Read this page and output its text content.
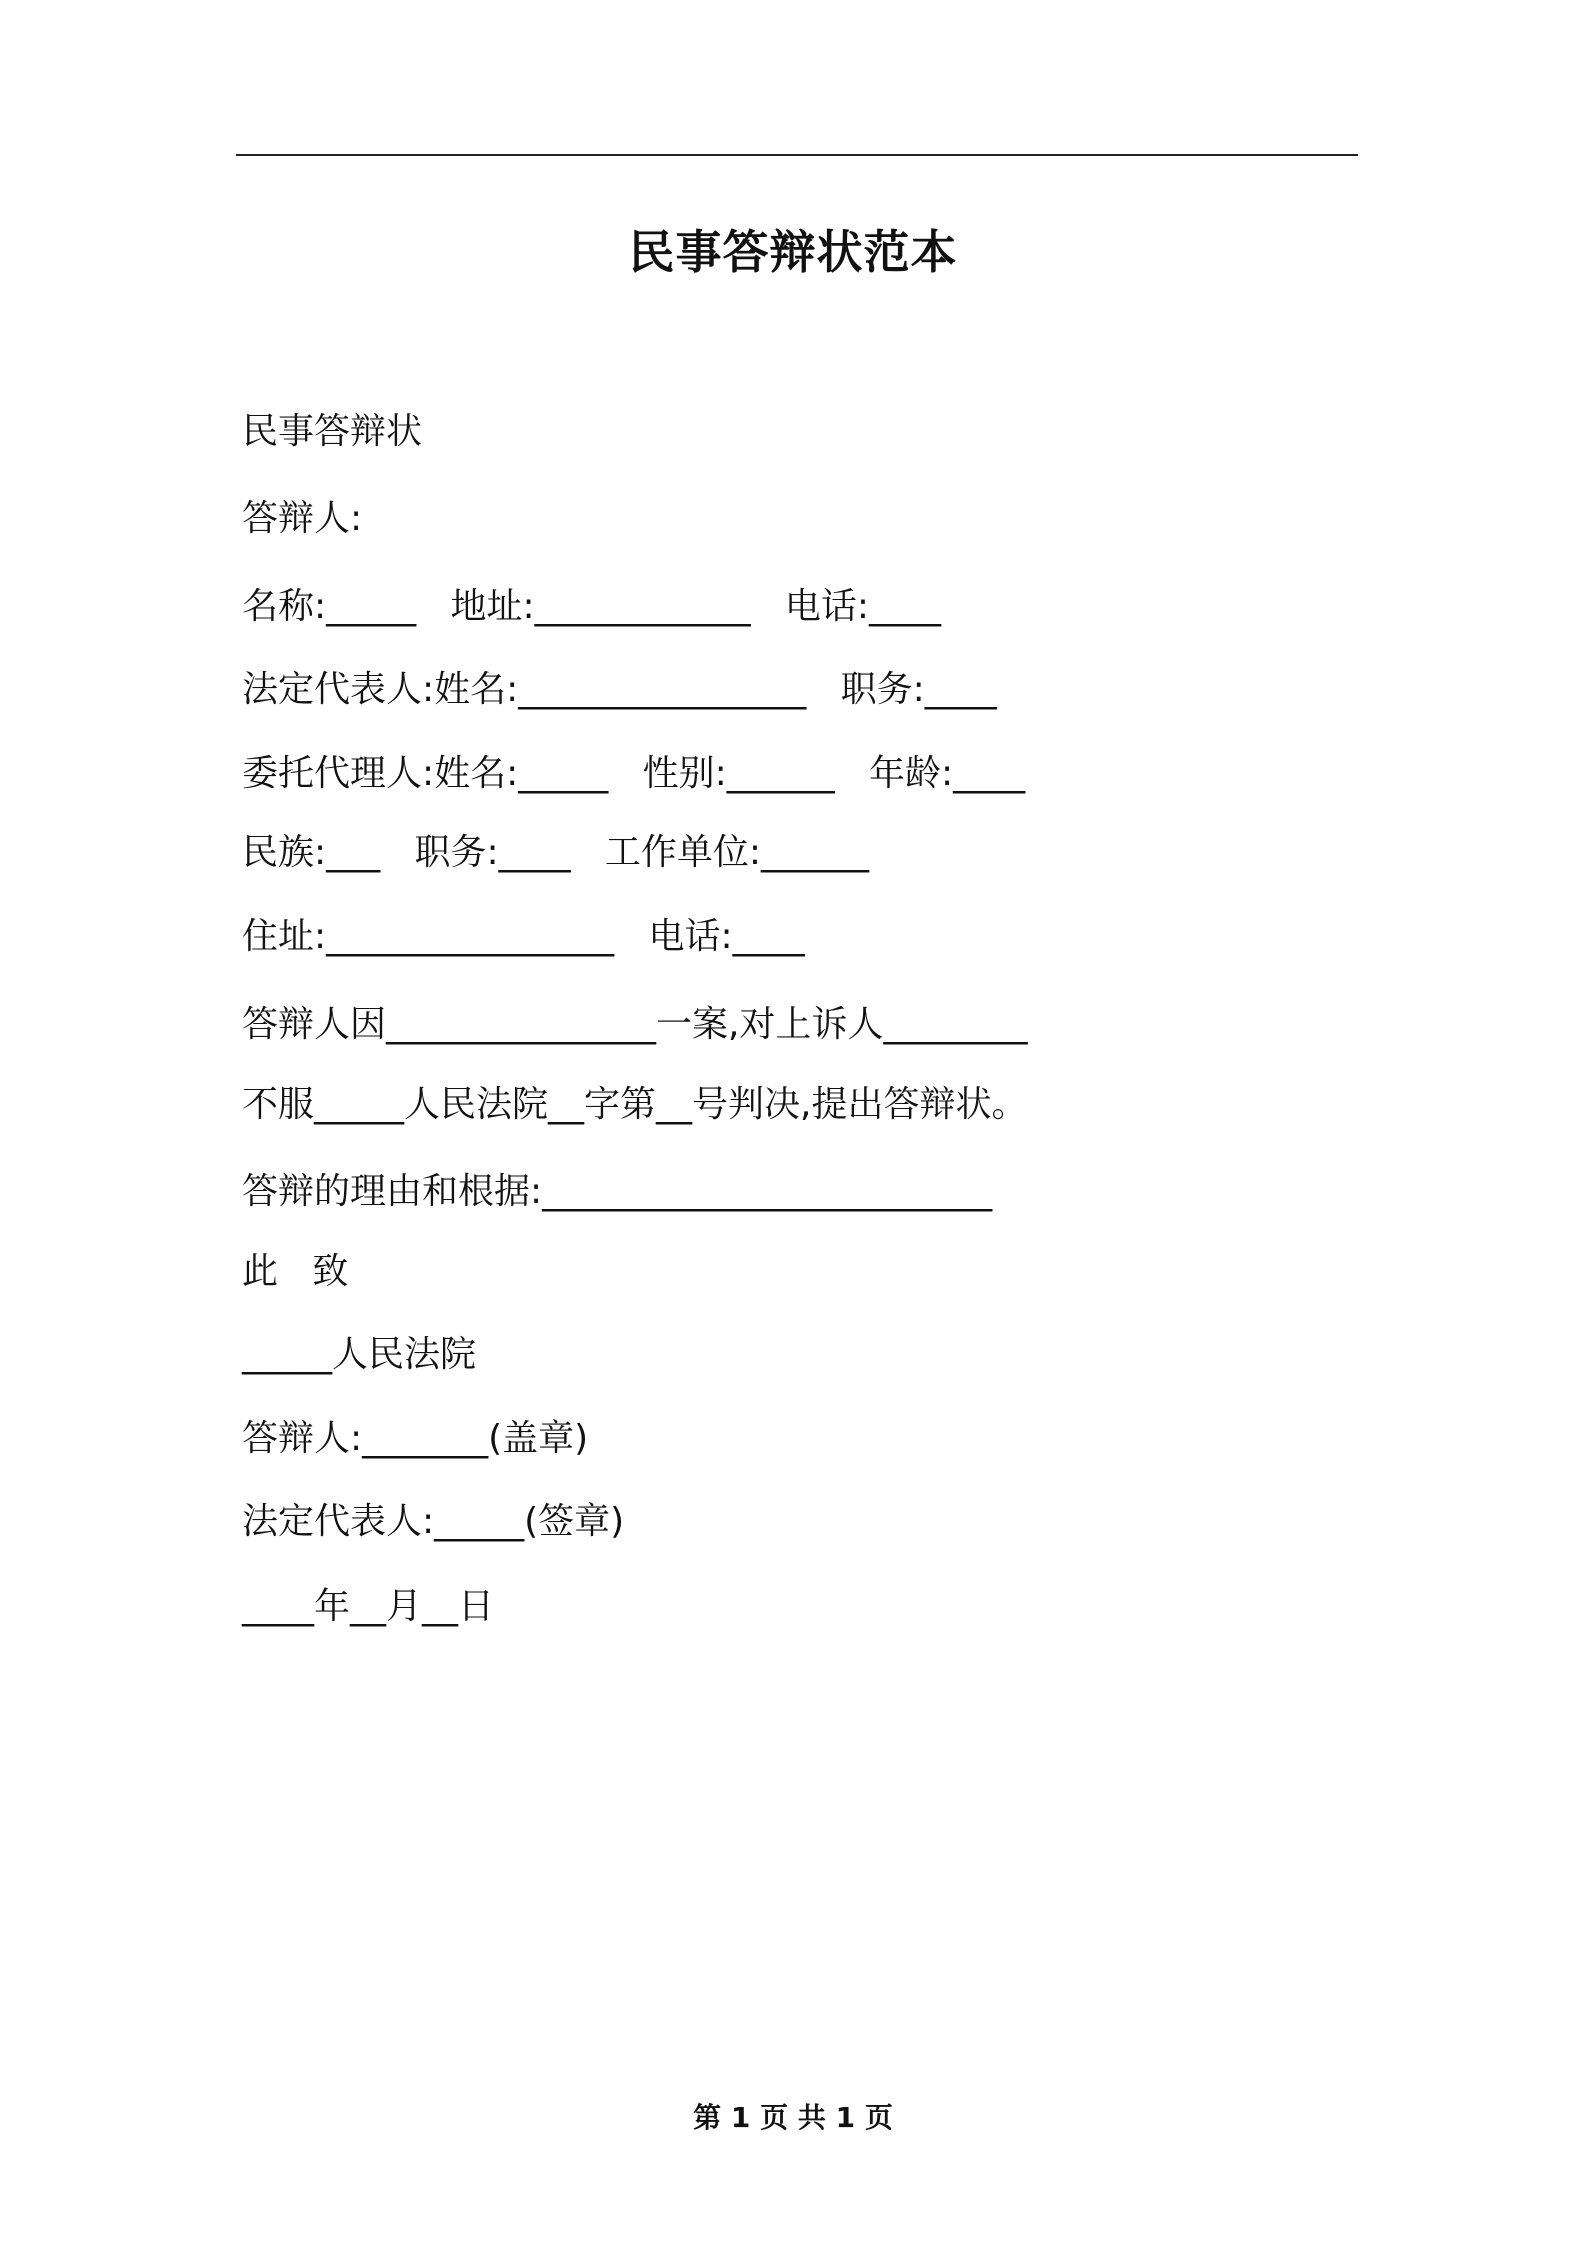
民事答辩状范本
民事答辩状
答辩人:
名称:_____   地址:____________   电话:____
法定代表人:姓名:________________   职务:____
委托代理人:姓名:_____   性别:______   年龄:____
民族:___   职务:____   工作单位:______
住址:________________   电话:____
答辩人因_______________一案,对上诉人________
不服_____人民法院__字第__号判决,提出答辩状。
答辩的理由和根据:_________________________
此   致
_____人民法院
答辩人:_______(盖章)
法定代表人:_____(签章)
____年__月__日
第 1 页 共 1 页
